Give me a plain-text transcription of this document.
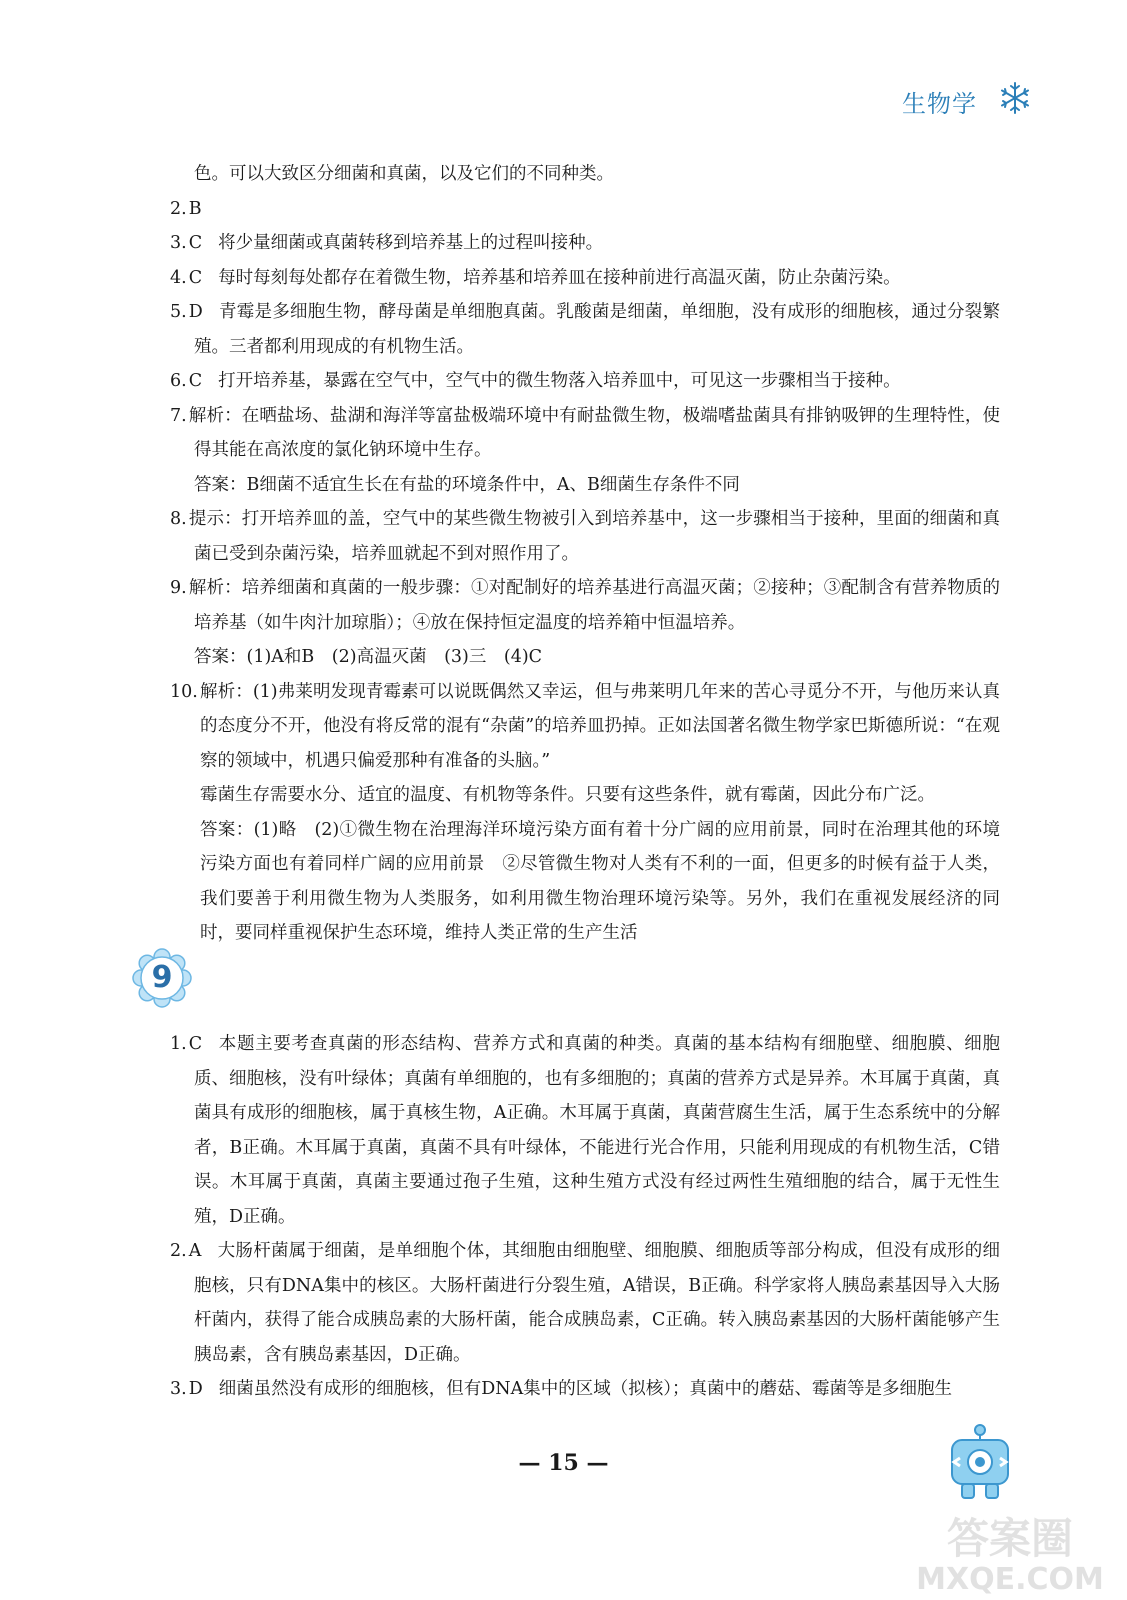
生物学

色。可以大致区分细菌和真菌，以及它们的不同种类。

2. B

3. C 将少量细菌或真菌转移到培养基上的过程叫接种。

4. C 每时每刻每处都存在着微生物，培养基和培养皿在接种前进行高温灭菌，防止杂菌污染。

5. D 青霉是多细胞生物，酵母菌是单细胞真菌。乳酸菌是细菌，单细胞，没有成形的细胞核，通过分裂繁殖。三者都利用现成的有机物生活。

6. C 打开培养基，暴露在空气中，空气中的微生物落入培养皿中，可见这一步骤相当于接种。

7. 解析：在晒盐场、盐湖和海洋等富盐极端环境中有耐盐微生物，极端嗜盐菌具有排钠吸钾的生理特性，使得其能在高浓度的氯化钠环境中生存。

答案：B细菌不适宜生长在有盐的环境条件中，A、B细菌生存条件不同

8. 提示：打开培养皿的盖，空气中的某些微生物被引入到培养基中，这一步骤相当于接种，里面的细菌和真菌已受到杂菌污染，培养皿就起不到对照作用了。

9. 解析：培养细菌和真菌的一般步骤：①对配制好的培养基进行高温灭菌；②接种；③配制含有营养物质的培养基（如牛肉汁加琼脂）；④放在保持恒定温度的培养箱中恒温培养。

答案：(1)A和B　(2)高温灭菌　(3)三　(4)C

10. 解析：(1)弗莱明发现青霉素可以说既偶然又幸运，但与弗莱明几年来的苦心寻觅分不开，与他历来认真的态度分不开，他没有将反常的混有“杂菌”的培养皿扔掉。正如法国著名微生物学家巴斯德所说：“在观察的领域中，机遇只偏爱那种有准备的头脑。”

霉菌生存需要水分、适宜的温度、有机物等条件。只要有这些条件，就有霉菌，因此分布广泛。

答案：(1)略　(2)①微生物在治理海洋环境污染方面有着十分广阔的应用前景，同时在治理其他的环境污染方面也有着同样广阔的应用前景　②尽管微生物对人类有不利的一面，但更多的时候有益于人类，我们要善于利用微生物为人类服务，如利用微生物治理环境污染等。另外，我们在重视发展经济的同时，要同样重视保护生态环境，维持人类正常的生产生活

9

1. C 本题主要考查真菌的形态结构、营养方式和真菌的种类。真菌的基本结构有细胞壁、细胞膜、细胞质、细胞核，没有叶绿体；真菌有单细胞的，也有多细胞的；真菌的营养方式是异养。木耳属于真菌，真菌具有成形的细胞核，属于真核生物，A正确。木耳属于真菌，真菌营腐生生活，属于生态系统中的分解者，B正确。木耳属于真菌，真菌不具有叶绿体，不能进行光合作用，只能利用现成的有机物生活，C错误。木耳属于真菌，真菌主要通过孢子生殖，这种生殖方式没有经过两性生殖细胞的结合，属于无性生殖，D正确。

2. A 大肠杆菌属于细菌，是单细胞个体，其细胞由细胞壁、细胞膜、细胞质等部分构成，但没有成形的细胞核，只有DNA集中的核区。大肠杆菌进行分裂生殖，A错误，B正确。科学家将人胰岛素基因导入大肠杆菌内，获得了能合成胰岛素的大肠杆菌，能合成胰岛素，C正确。转入胰岛素基因的大肠杆菌能够产生胰岛素，含有胰岛素基因，D正确。

3. D 细菌虽然没有成形的细胞核，但有DNA集中的区域（拟核）；真菌中的蘑菇、霉菌等是多细胞生

— 15 —
答案圈
MXQE.COM
